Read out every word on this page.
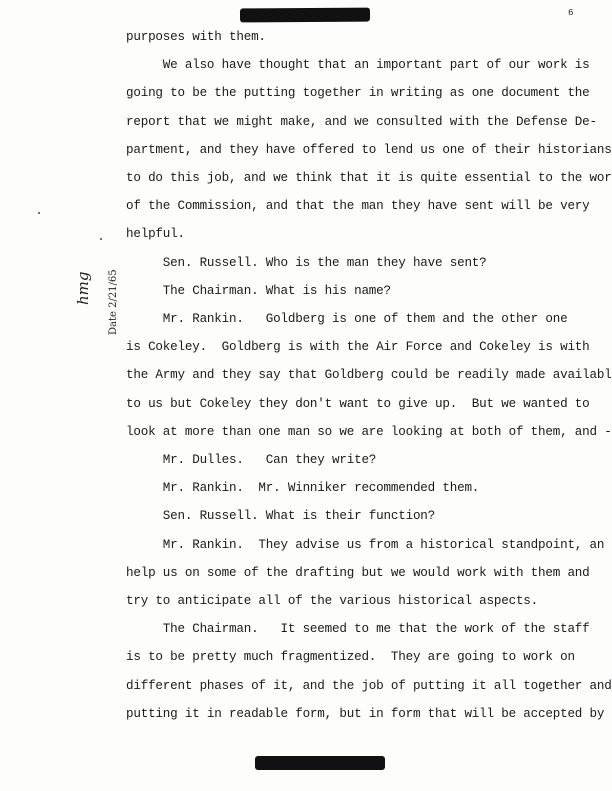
6
hmg Date 2/21/65
purposes with them.
We also have thought that an important part of our work is
going to be the putting together in writing as one document the
report that we might make, and we consulted with the Defense De-
partment, and they have offered to lend us one of their historians
to do this job, and we think that it is quite essential to the wor
of the Commission, and that the man they have sent will be very
helpful.
Sen. Russell. Who is the man they have sent?
The Chairman. What is his name?
Mr. Rankin.   Goldberg is one of them and the other one
is Cokeley.  Goldberg is with the Air Force and Cokeley is with
the Army and they say that Goldberg could be readily made availabl
to us but Cokeley they don't want to give up.  But we wanted to
look at more than one man so we are looking at both of them, and -
Mr. Dulles.   Can they write?
Mr. Rankin.  Mr. Winniker recommended them.
Sen. Russell. What is their function?
Mr. Rankin.  They advise us from a historical standpoint, an
help us on some of the drafting but we would work with them and
try to anticipate all of the various historical aspects.
The Chairman.   It seemed to me that the work of the staff
is to be pretty much fragmentized.  They are going to work on
different phases of it, and the job of putting it all together and
putting it in readable form, but in form that will be accepted by
